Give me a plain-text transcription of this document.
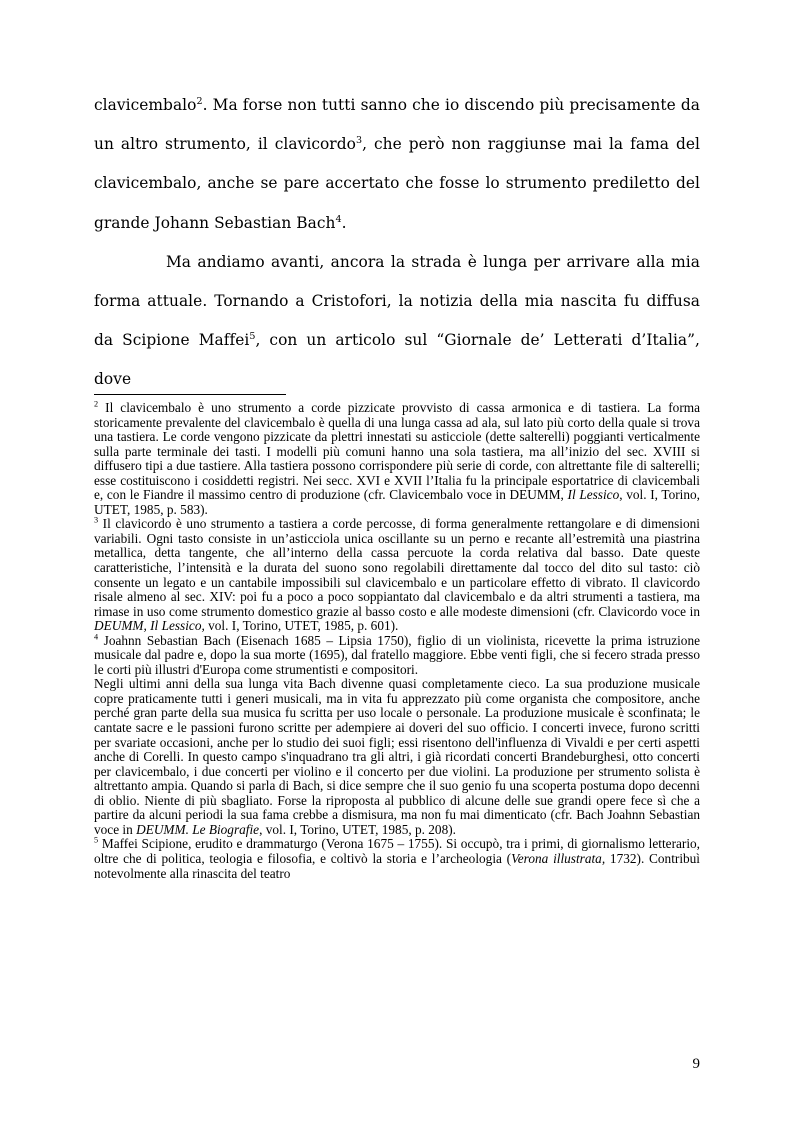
clavicembalo$^2$. Ma forse non tutti sanno che io discendo più precisamente da un altro strumento, il clavicordo$^3$, che però non raggiunse mai la fama del clavicembalo, anche se pare accertato che fosse lo strumento prediletto del grande Johann Sebastian Bach$^4$.

Ma andiamo avanti, ancora la strada è lunga per arrivare alla mia forma attuale. Tornando a Cristofori, la notizia della mia nascita fu diffusa da Scipione Maffei$^5$, con un articolo sul “Giornale de’ Letterati d’Italia”, dove

$^2$ Il clavicembalo è uno strumento a corde pizzicate provvisto di cassa armonica e di tastiera. La forma storicamente prevalente del clavicembalo è quella di una lunga cassa ad ala, sul lato più corto della quale si trova una tastiera. Le corde vengono pizzicate da plettri innestati su asticciole (dette salterelli) poggianti verticalmente sulla parte terminale dei tasti. I modelli più comuni hanno una sola tastiera, ma all’inizio del sec. XVIII si diffusero tipi a due tastiere. Alla tastiera possono corrispondere più serie di corde, con altrettante file di salterelli; esse costituiscono i cosiddetti registri. Nei secc. XVI e XVII l’Italia fu la principale esportatrice di clavicembali e, con le Fiandre il massimo centro di produzione (cfr. Clavicembalo voce in DEUMM, Il Lessico, vol. I, Torino, UTET, 1985, p. 583).

$^3$ Il clavicordo è uno strumento a tastiera a corde percosse, di forma generalmente rettangolare e di dimensioni variabili. Ogni tasto consiste in un’asticciola unica oscillante su un perno e recante all’estremità una piastrina metallica, detta tangente, che all’interno della cassa percuote la corda relativa dal basso. Date queste caratteristiche, l’intensità e la durata del suono sono regolabili direttamente dal tocco del dito sul tasto: ciò consente un legato e un cantabile impossibili sul clavicembalo e un particolare effetto di vibrato. Il clavicordo risale almeno al sec. XIV: poi fu a poco a poco soppiantato dal clavicembalo e da altri strumenti a tastiera, ma rimase in uso come strumento domestico grazie al basso costo e alle modeste dimensioni (cfr. Clavicordo voce in DEUMM, Il Lessico, vol. I, Torino, UTET, 1985, p. 601).

$^4$ Joahnn Sebastian Bach (Eisenach 1685 – Lipsia 1750), figlio di un violinista, ricevette la prima istruzione musicale dal padre e, dopo la sua morte (1695), dal fratello maggiore. Ebbe venti figli, che si fecero strada presso le corti più illustri d'Europa come strumentisti e compositori.

Negli ultimi anni della sua lunga vita Bach divenne quasi completamente cieco. La sua produzione musicale copre praticamente tutti i generi musicali, ma in vita fu apprezzato più come organista che compositore, anche perché gran parte della sua musica fu scritta per uso locale o personale. La produzione musicale è sconfinata; le cantate sacre e le passioni furono scritte per adempiere ai doveri del suo officio. I concerti invece, furono scritti per svariate occasioni, anche per lo studio dei suoi figli; essi risentono dell'influenza di Vivaldi e per certi aspetti anche di Corelli. In questo campo s'inquadrano tra gli altri, i già ricordati concerti Brandeburghesi, otto concerti per clavicembalo, i due concerti per violino e il concerto per due violini. La produzione per strumento solista è altrettanto ampia. Quando si parla di Bach, si dice sempre che il suo genio fu una scoperta postuma dopo decenni di oblio. Niente di più sbagliato. Forse la riproposta al pubblico di alcune delle sue grandi opere fece sì che a partire da alcuni periodi la sua fama crebbe a dismisura, ma non fu mai dimenticato (cfr. Bach Joahnn Sebastian voce in DEUMM. Le Biografie, vol. I, Torino, UTET, 1985, p. 208).

$^5$ Maffei Scipione, erudito e drammaturgo (Verona 1675 – 1755). Si occupò, tra i primi, di giornalismo letterario, oltre che di politica, teologia e filosofia, e coltivò la storia e l’archeologia (Verona illustrata, 1732). Contribuì notevolmente alla rinascita del teatro

9
